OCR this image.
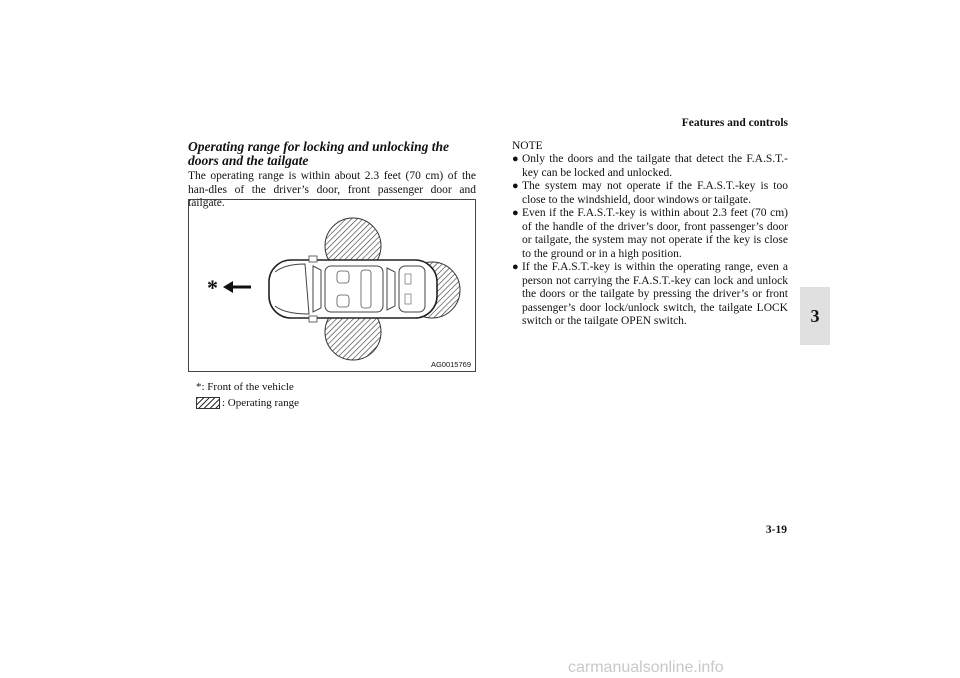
Features and controls
3

Operating range for locking and unlocking the doors and the tailgate

The operating range is within about 2.3 feet (70 cm) of the han-dles of the driver’s door, front passenger door and tailgate.

*
AG0015769
* : Front of the vehicle
: Operating range
NOTE
● Only the doors and the tailgate that detect the F.A.S.T.-key can be locked and unlocked.
● The system may not operate if the F.A.S.T.-key is too close to the windshield, door windows or tailgate.
● Even if the F.A.S.T.-key is within about 2.3 feet (70 cm) of the handle of the driver’s door, front passenger’s door or tailgate, the system may not operate if the key is close to the ground or in a high position.
● If the F.A.S.T.-key is within the operating range, even a person not carrying the F.A.S.T.-key can lock and unlock the doors or the tailgate by pressing the driver’s or front passenger’s door lock/unlock switch, the tailgate LOCK switch or the tailgate OPEN switch.
3-19
carmanualsonline.info
